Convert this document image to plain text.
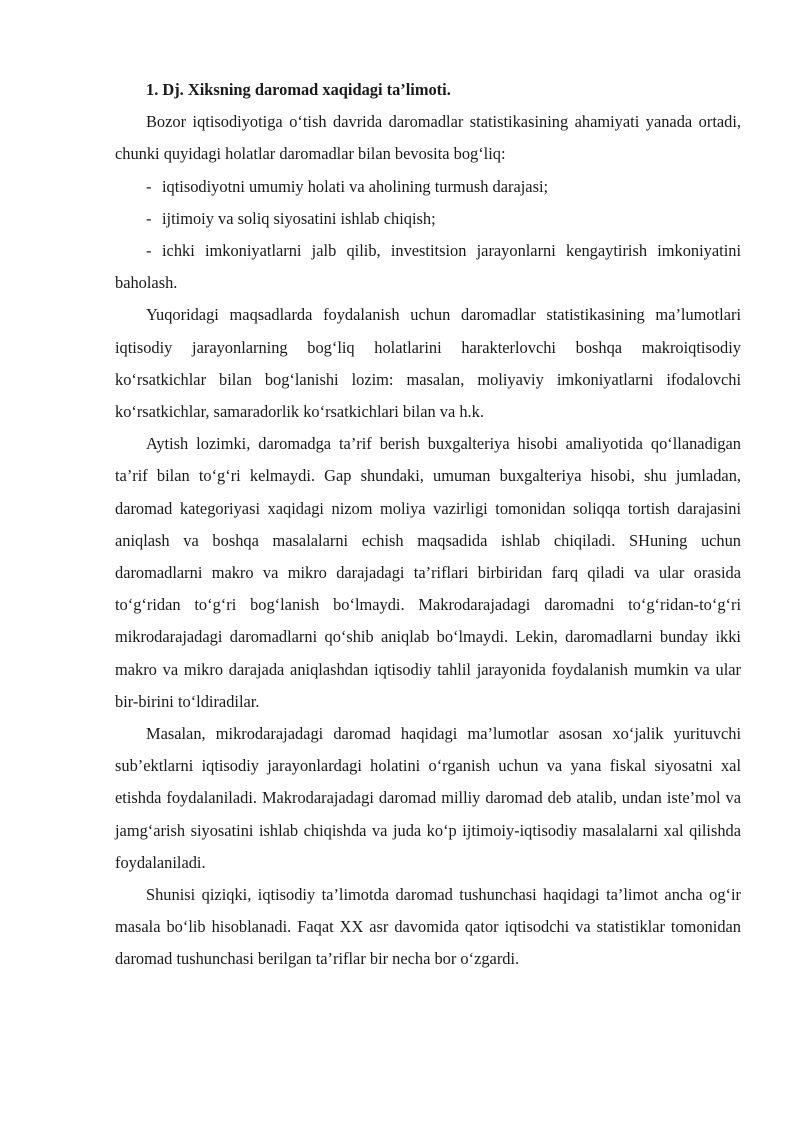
1. Dj. Xiksning daromad xaqidagi ta’limoti.

Bozor iqtisodiyotiga o‘tish davrida daromadlar statistikasining ahamiyati yanada ortadi, chunki quyidagi holatlar daromadlar bilan bevosita bog‘liq:

- iqtisodiyotni umumiy holati va aholining turmush darajasi;

- ijtimoiy va soliq siyosatini ishlab chiqish;

- ichki imkoniyatlarni jalb qilib, investitsion jarayonlarni kengaytirish imkoniyatini baholash.

Yuqoridagi maqsadlarda foydalanish uchun daromadlar statistikasining ma’lumotlari iqtisodiy jarayonlarning bog‘liq holatlarini harakterlovchi boshqa makroiqtisodiy ko‘rsatkichlar bilan bog‘lanishi lozim: masalan, moliyaviy imkoniyatlarni ifodalovchi ko‘rsatkichlar, samaradorlik ko‘rsatkichlari bilan va h.k.

Aytish lozimki, daromadga ta’rif berish buxgalteriya hisobi amaliyotida qo‘llanadigan ta’rif bilan to‘g‘ri kelmaydi. Gap shundaki, umuman buxgalteriya hisobi, shu jumladan, daromad kategoriyasi xaqidagi nizom moliya vazirligi tomonidan soliqqa tortish darajasini aniqlash va boshqa masalalarni echish maqsadida ishlab chiqiladi. SHuning uchun daromadlarni makro va mikro darajadagi ta’riflari birbiridan farq qiladi va ular orasida to‘g‘ridan to‘g‘ri bog‘lanish bo‘lmaydi. Makrodarajadagi daromadni to‘g‘ridan-to‘g‘ri mikrodarajadagi daromadlarni qo‘shib aniqlab bo‘lmaydi. Lekin, daromadlarni bunday ikki makro va mikro darajada aniqlashdan iqtisodiy tahlil jarayonida foydalanish mumkin va ular bir-birini to‘ldiradilar.

Masalan, mikrodarajadagi daromad haqidagi ma’lumotlar asosan xo‘jalik yurituvchi sub’ektlarni iqtisodiy jarayonlardagi holatini o‘rganish uchun va yana fiskal siyosatni xal etishda foydalaniladi. Makrodarajadagi daromad milliy daromad deb atalib, undan iste’mol va jamg‘arish siyosatini ishlab chiqishda va juda ko‘p ijtimoiy-iqtisodiy masalalarni xal qilishda foydalaniladi.

Shunisi qiziqki, iqtisodiy ta’limotda daromad tushunchasi haqidagi ta’limot ancha og‘ir masala bo‘lib hisoblanadi. Faqat XX asr davomida qator iqtisodchi va statistiklar tomonidan daromad tushunchasi berilgan ta’riflar bir necha bor o‘zgardi.
